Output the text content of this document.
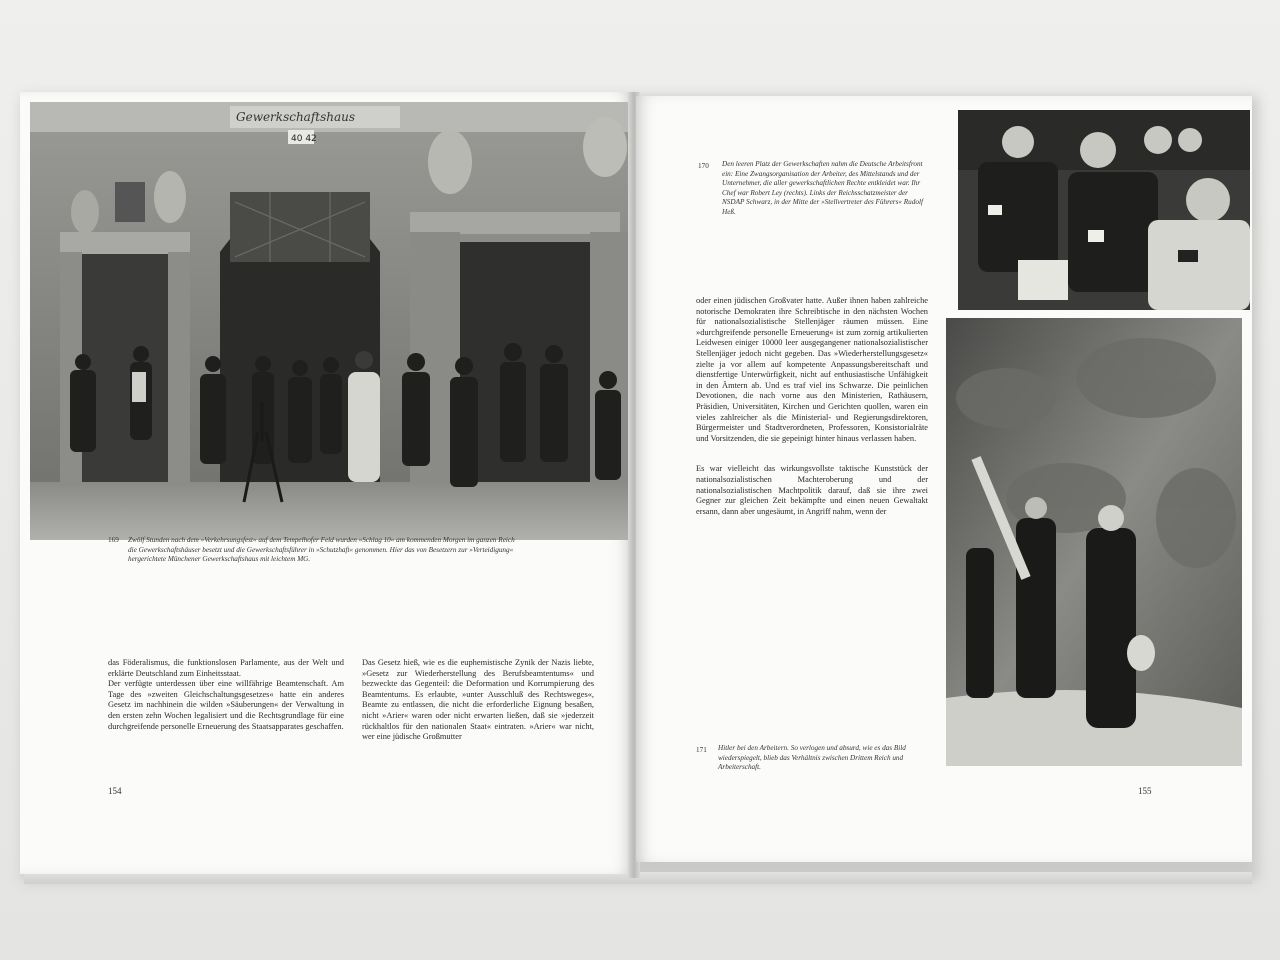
Gewerkschaftshaus
40 42
169 Zwölf Stunden nach dem »Verkehrsungsfest« auf dem Tempelhofer Feld wurden »Schlag 10« am kommenden Morgen im ganzen Reich die Gewerkschaftshäuser besetzt und die Gewerkschaftsführer in »Schutzhaft« genommen. Hier das von Besetzern zur »Verteidigung« hergerichtete Münchener Gewerkschaftshaus mit leichtem MG.

das Föderalismus, die funktionslosen Parlamente, aus der Welt und erklärte Deutschland zum Einheitsstaat.

Der verfügte unterdessen über eine willfährige Beamtenschaft. Am Tage des »zweiten Gleichschaltungsgesetzes« hatte ein anderes Gesetz im nachhinein die wilden »Säuberungen« der Verwaltung in den ersten zehn Wochen legalisiert und die Rechtsgrundlage für eine durchgreifende personelle Erneuerung des Staatsapparates geschaffen.

Das Gesetz hieß, wie es die euphemistische Zynik der Nazis liebte, »Gesetz zur Wiederherstellung des Berufsbeamtentums« und bezweckte das Gegenteil: die Deformation und Korrumpierung des Beamtentums. Es erlaubte, »unter Ausschluß des Rechtsweges«, Beamte zu entlassen, die nicht die erforderliche Eignung besaßen, nicht »Arier« waren oder nicht erwarten ließen, daß sie »jederzeit rückhaltlos für den nationalen Staat« eintraten. »Arier« war nicht, wer eine jüdische Großmutter

154
170 Den leeren Platz der Gewerkschaften nahm die Deutsche Arbeitsfront ein: Eine Zwangsorganisation der Arbeiter, des Mittelstands und der Unternehmer, die aller gewerkschaftlichen Rechte entkleidet war. Ihr Chef war Robert Ley (rechts). Links der Reichsschatzmeister der NSDAP Schwarz, in der Mitte der »Stellvertreter des Führers« Rudolf Heß.

oder einen jüdischen Großvater hatte. Außer ihnen haben zahlreiche notorische Demokraten ihre Schreibtische in den nächsten Wochen für nationalsozialistische Stellenjäger räumen müssen. Eine »durchgreifende personelle Erneuerung« ist zum zornig artikulierten Leidwesen einiger 10000 leer ausgegangener nationalsozialistischer Stellenjäger jedoch nicht gegeben. Das »Wiederherstellungsgesetz« zielte ja vor allem auf kompetente Anpassungsbereitschaft und dienstfertige Unterwürfigkeit, nicht auf enthusiastische Unfähigkeit in den Ämtern ab. Und es traf viel ins Schwarze. Die peinlichen Devotionen, die nach vorne aus den Ministerien, Rathäusern, Präsidien, Universitäten, Kirchen und Gerichten quollen, waren ein vieles zahlreicher als die Ministerial- und Regierungsdirektoren, Bürgermeister und Stadtverordneten, Professoren, Konsistorialräte und Vorsitzenden, die sie gepeinigt hinter hinaus verlassen haben.

Es war vielleicht das wirkungsvollste taktische Kunststück der nationalsozialistischen Machteroberung und der nationalsozialistischen Machtpolitik darauf, daß sie ihre zwei Gegner zur gleichen Zeit bekämpfte und einen neuen Gewaltakt ersann, dann aber ungesäumt, in Angriff nahm, wenn der

171 Hitler bei den Arbeitern. So verlogen und absurd, wie es das Bild wiederspiegelt, blieb das Verhältnis zwischen Drittem Reich und Arbeiterschaft.
155
